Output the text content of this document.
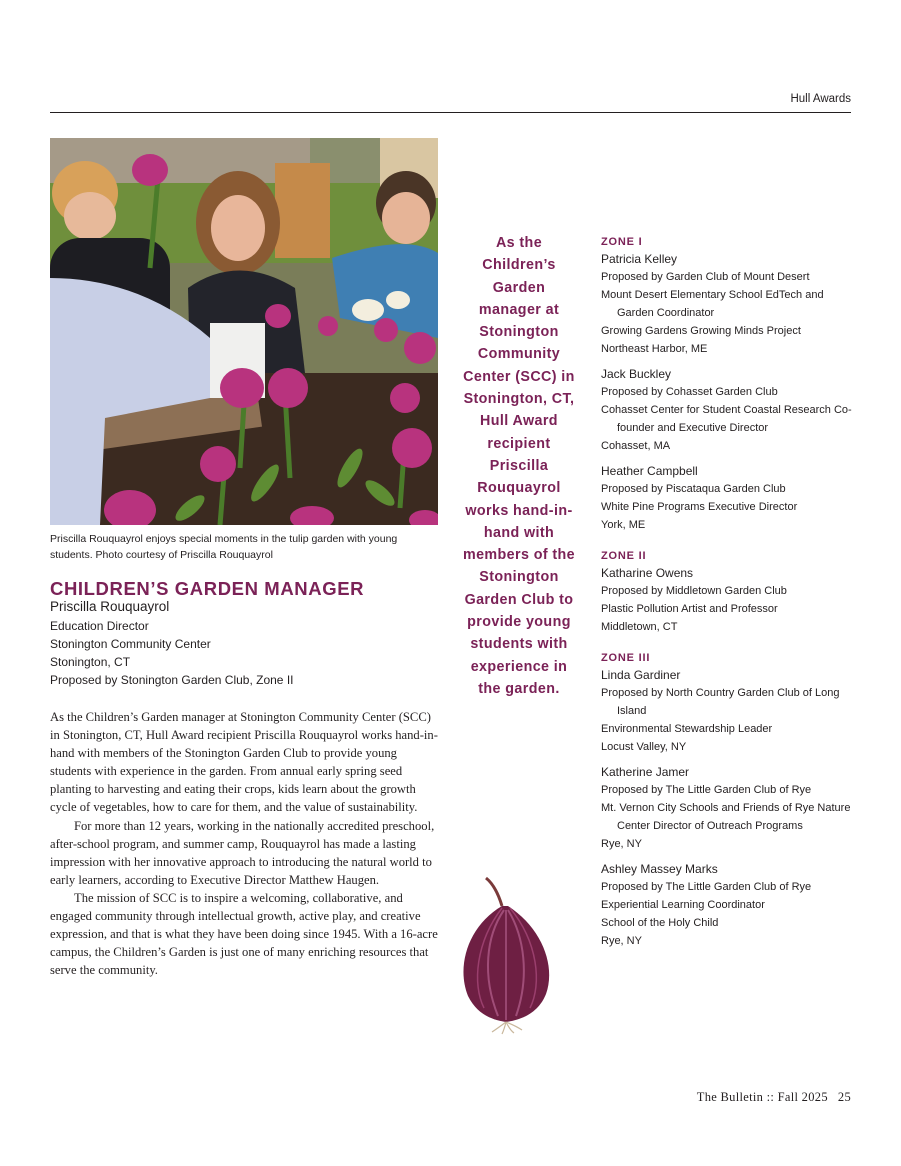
Hull Awards
Priscilla Rouquayrol enjoys special moments in the tulip garden with young students. Photo courtesy of Priscilla Rouquayrol
CHILDREN’S GARDEN MANAGER
Priscilla Rouquayrol
Education Director
Stonington Community Center
Stonington, CT
Proposed by Stonington Garden Club, Zone II

As the Children’s Garden manager at Stonington Community Center (SCC) in Stonington, CT, Hull Award recipient Priscilla Rouquayrol works hand-in-hand with members of the Stonington Garden Club to provide young students with experience in the garden. From annual early spring seed planting to harvesting and eating their crops, kids learn about the growth cycle of vegetables, how to care for them, and the value of sustainability.

For more than 12 years, working in the nationally accredited preschool, after-school program, and summer camp, Rouquayrol has made a lasting impression with her innovative approach to introducing the natural world to early learners, according to Executive Director Matthew Haugen.

The mission of SCC is to inspire a welcoming, collaborative, and engaged community through intellectual growth, active play, and creative expression, and that is what they have been doing since 1945. With a 16-acre campus, the Children’s Garden is just one of many enriching resources that serve the community.

As the Children’s Garden manager at Stonington Community Center (SCC) in Stonington, CT, Hull Award recipient Priscilla Rouquayrol works hand-in-hand with members of the Stonington Garden Club to provide young students with experience in the garden.
ZONE I
Patricia Kelley
Proposed by Garden Club of Mount Desert
Mount Desert Elementary School EdTech and Garden Coordinator
Growing Gardens Growing Minds Project
Northeast Harbor, ME
Jack Buckley
Proposed by Cohasset Garden Club
Cohasset Center for Student Coastal Research Co-founder and Executive Director
Cohasset, MA
Heather Campbell
Proposed by Piscataqua Garden Club
White Pine Programs Executive Director
York, ME
ZONE II
Katharine Owens
Proposed by Middletown Garden Club
Plastic Pollution Artist and Professor
Middletown, CT
ZONE III
Linda Gardiner
Proposed by North Country Garden Club of Long Island
Environmental Stewardship Leader
Locust Valley, NY
Katherine Jamer
Proposed by The Little Garden Club of Rye
Mt. Vernon City Schools and Friends of Rye Nature Center Director of Outreach Programs
Rye, NY
Ashley Massey Marks
Proposed by The Little Garden Club of Rye
Experiential Learning Coordinator
School of the Holy Child
Rye, NY
The Bulletin :: Fall 2025 25
